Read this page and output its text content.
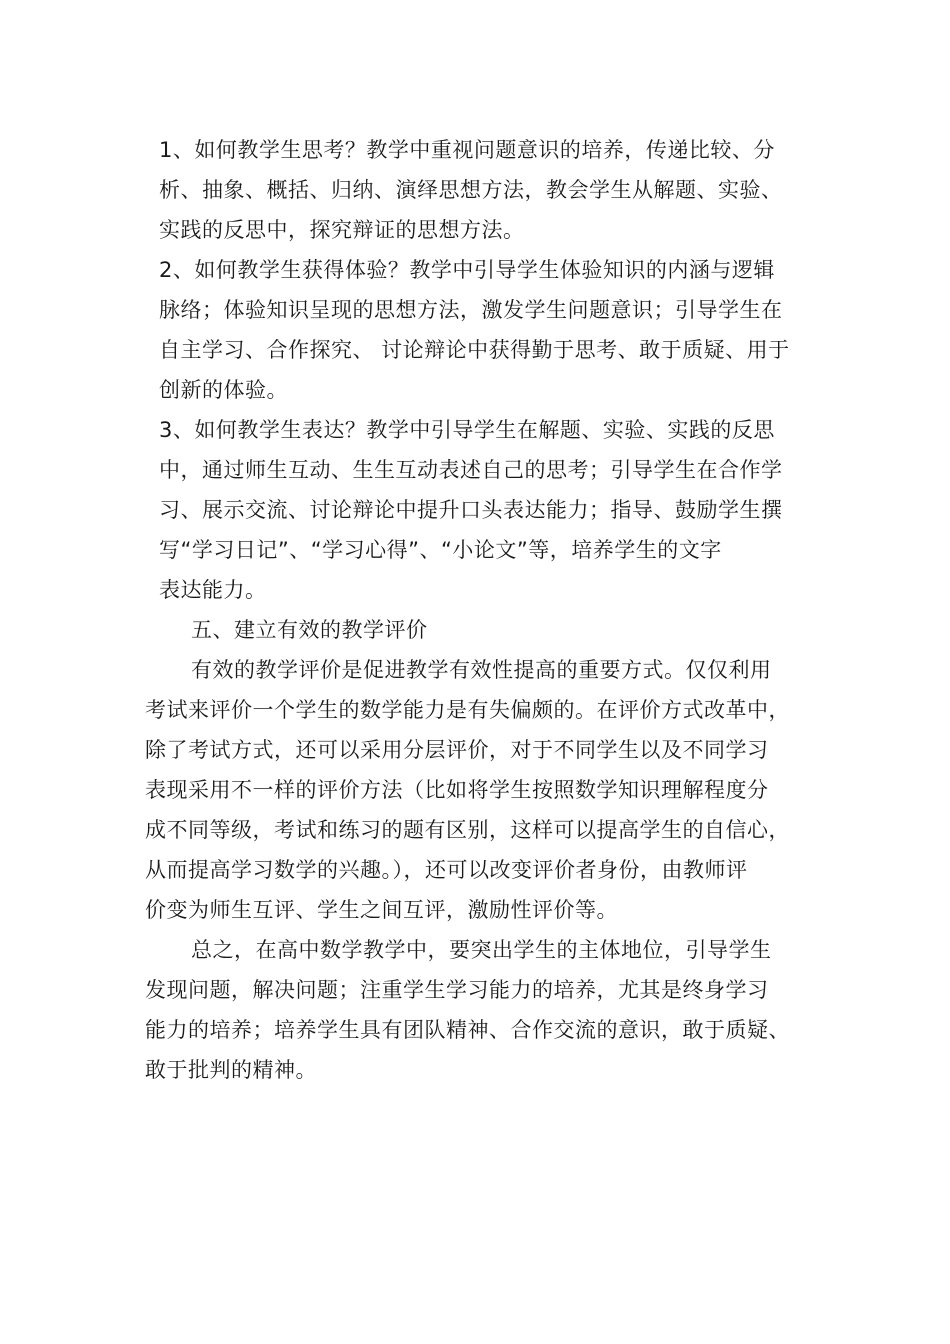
1、如何教学生思考？教学中重视问题意识的培养，传递比较、分
析、抽象、概括、归纳、演绎思想方法，教会学生从解题、实验、
实践的反思中，探究辩证的思想方法。

2、如何教学生获得体验？教学中引导学生体验知识的内涵与逻辑
脉络；体验知识呈现的思想方法，激发学生问题意识；引导学生在
自主学习、合作探究、 讨论辩论中获得勤于思考、敢于质疑、用于
创新的体验。

3、如何教学生表达？教学中引导学生在解题、实验、实践的反思
中，通过师生互动、生生互动表述自己的思考；引导学生在合作学
习、展示交流、讨论辩论中提升口头表达能力；指导、鼓励学生撰
写“学习日记”、“学习心得”、“小论文”等，培养学生的文字
表达能力。

五、建立有效的教学评价

有效的教学评价是促进教学有效性提高的重要方式。仅仅利用
考试来评价一个学生的数学能力是有失偏颇的。在评价方式改革中，
除了考试方式，还可以采用分层评价，对于不同学生以及不同学习
表现采用不一样的评价方法（比如将学生按照数学知识理解程度分
成不同等级，考试和练习的题有区别，这样可以提高学生的自信心，
从而提高学习数学的兴趣。），还可以改变评价者身份，由教师评
价变为师生互评、学生之间互评，激励性评价等。

总之，在高中数学教学中，要突出学生的主体地位，引导学生
发现问题，解决问题；注重学生学习能力的培养，尤其是终身学习
能力的培养；培养学生具有团队精神、合作交流的意识，敢于质疑、
敢于批判的精神。
